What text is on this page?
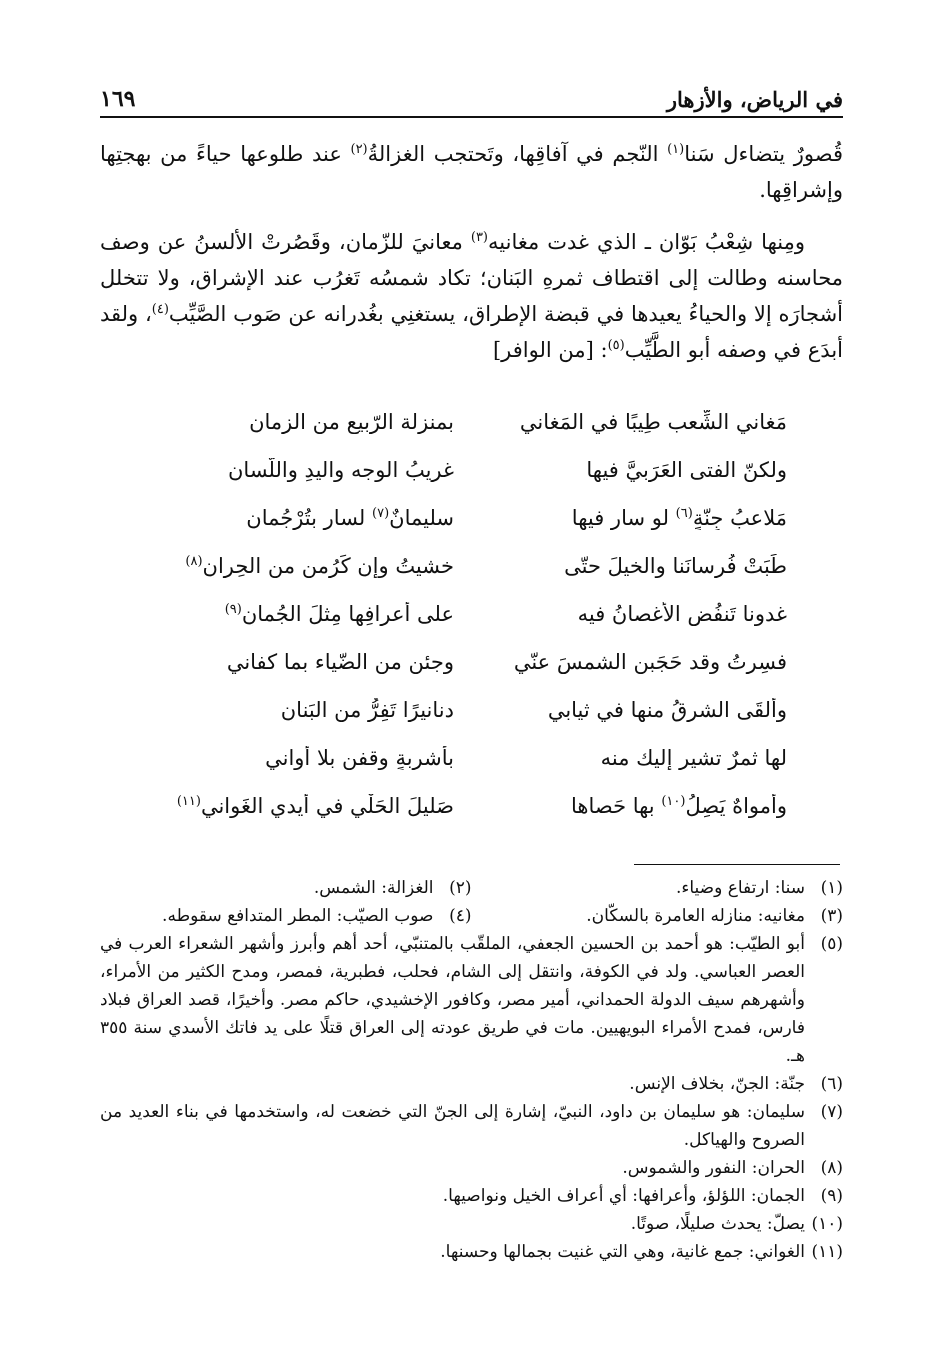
في الرياض، والأزهار
١٦٩

قُصورٌ يتضاءل سَنا$^{(١)}$ النّجم في آفاقِها، وتَحتجب الغزالةُ$^{(٢)}$ عند طلوعها حياءً من بهجتِها وإشراقِها.

ومِنها شِعْبُ بَوّان ـ الذي غدت مغانيه$^{(٣)}$ معانيَ للزّمان، وقَصُرتْ الألسنُ عن وصف محاسنه وطالت إلى اقتطاف ثمرهِ البَنان؛ تكاد شمسُه تَغرُب عند الإشراق، ولا تتخلل أشجارَه إلا والحياءُ يعيدها في قبضة الإطراق، يستغنِي بغُدرانه عن صَوب الصَّيِّب$^{(٤)}$، ولقد أبدَع في وصفه أبو الطَّيِّب$^{(٥)}$: [من الوافر]

مَغاني الشِّعب طِيبًا في المَغاني
بمنزلة الرّبيع من الزمانِ
ولكنّ الفتى العَرَبيَّ فيها
غريبُ الوجه واليدِ واللّسانِ
مَلاعبُ جِنّةٍ$^{(٦)}$ لو سار فيها
سليمانٌ$^{(٧)}$ لسار بتُرْجُمانِ
طَبَتْ فُرسانَنا والخيلَ حتّى
خشيتُ وإن كَرُمن من الحِرانِ$^{(٨)}$
غدونا تَنفُض الأغصانُ فيه
على أعرافِها مِثلَ الجُمانِ$^{(٩)}$
فسِرتُ وقد حَجَبن الشمسَ عنّي
وجئن من الضّياء بما كفاني
وألقَى الشرقُ منها في ثيابي
دنانيرًا تَفِرُّ من البَنانِ
لها ثمرٌ تشير إليك منه
بأشربةٍ وقفن بلا أواني
وأمواهٌ يَصِلُ$^{(١٠)}$ بها حَصاها
صَليلَ الحَلْي في أيدي الغَواني$^{(١١)}$
(١)
سنا: ارتفاع وضياء.
(٢)
الغزالة: الشمس.
(٣)
مغانيه: منازله العامرة بالسكّان.
(٤)
صوب الصيّب: المطر المتدافع سقوطه.
(٥)
أبو الطيّب: هو أحمد بن الحسين الجعفي، الملقّب بالمتنبّي، أحد أهم وأبرز وأشهر الشعراء العرب في العصر العباسي. ولد في الكوفة، وانتقل إلى الشام، فحلب، فطبرية، فمصر، ومدح الكثير من الأمراء، وأشهرهم سيف الدولة الحمداني، أمير مصر، وكافور الإخشيدي، حاكم مصر. وأخيرًا، قصد العراق فبلاد فارس، فمدح الأمراء البويهيين. مات في طريق عودته إلى العراق قتلًا على يد فاتك الأسدي سنة ٣٥٥ هـ.
(٦)
جنّة: الجنّ، بخلاف الإنس.
(٧)
سليمان: هو سليمان بن داود، النبيّ، إشارة إلى الجنّ التي خضعت له، واستخدمها في بناء العديد من الصروح والهياكل.
(٨)
الحران: النفور والشموس.
(٩)
الجمان: اللؤلؤ، وأعرافها: أي أعراف الخيل ونواصيها.
(١٠)
يصلّ: يحدث صليلًا، صوتًا.
(١١)
الغواني: جمع غانية، وهي التي غنيت بجمالها وحسنها.
